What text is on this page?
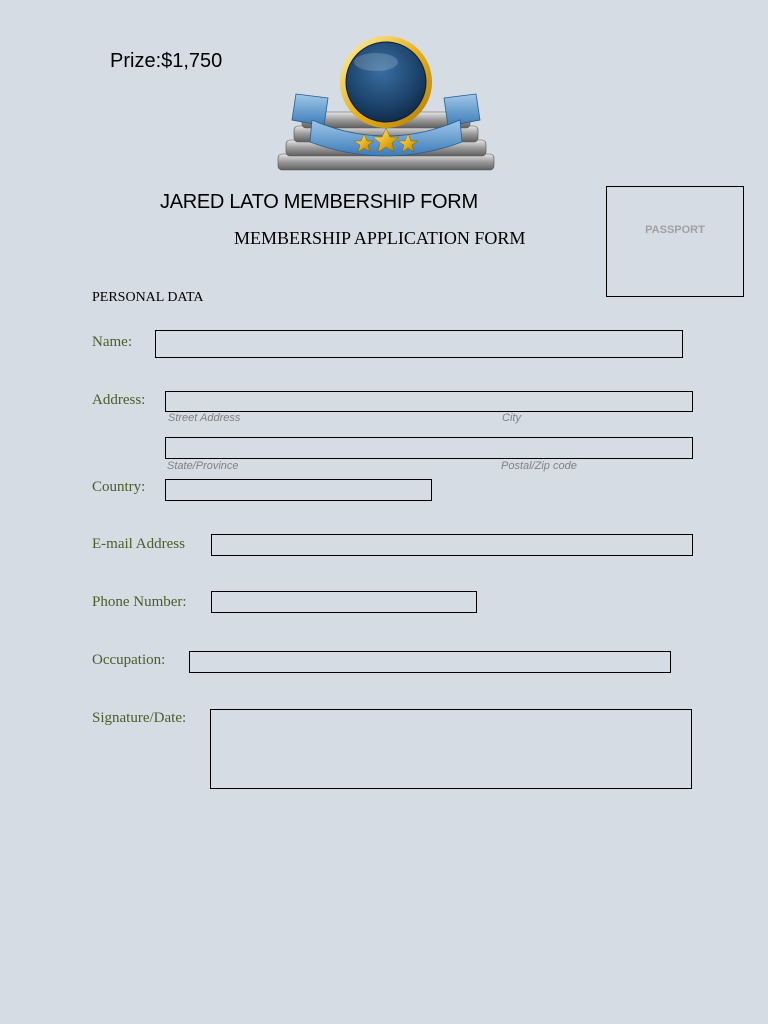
Prize:$1,750
JARED LATO MEMBERSHIP FORM
MEMBERSHIP APPLICATION FORM	PASSPORT
PERSONAL DATA
Name:
Address:
Street Address	City
State/Province	Postal/Zip code
Country:
E-mail Address
Phone Number:
Occupation:
Signature/Date:
